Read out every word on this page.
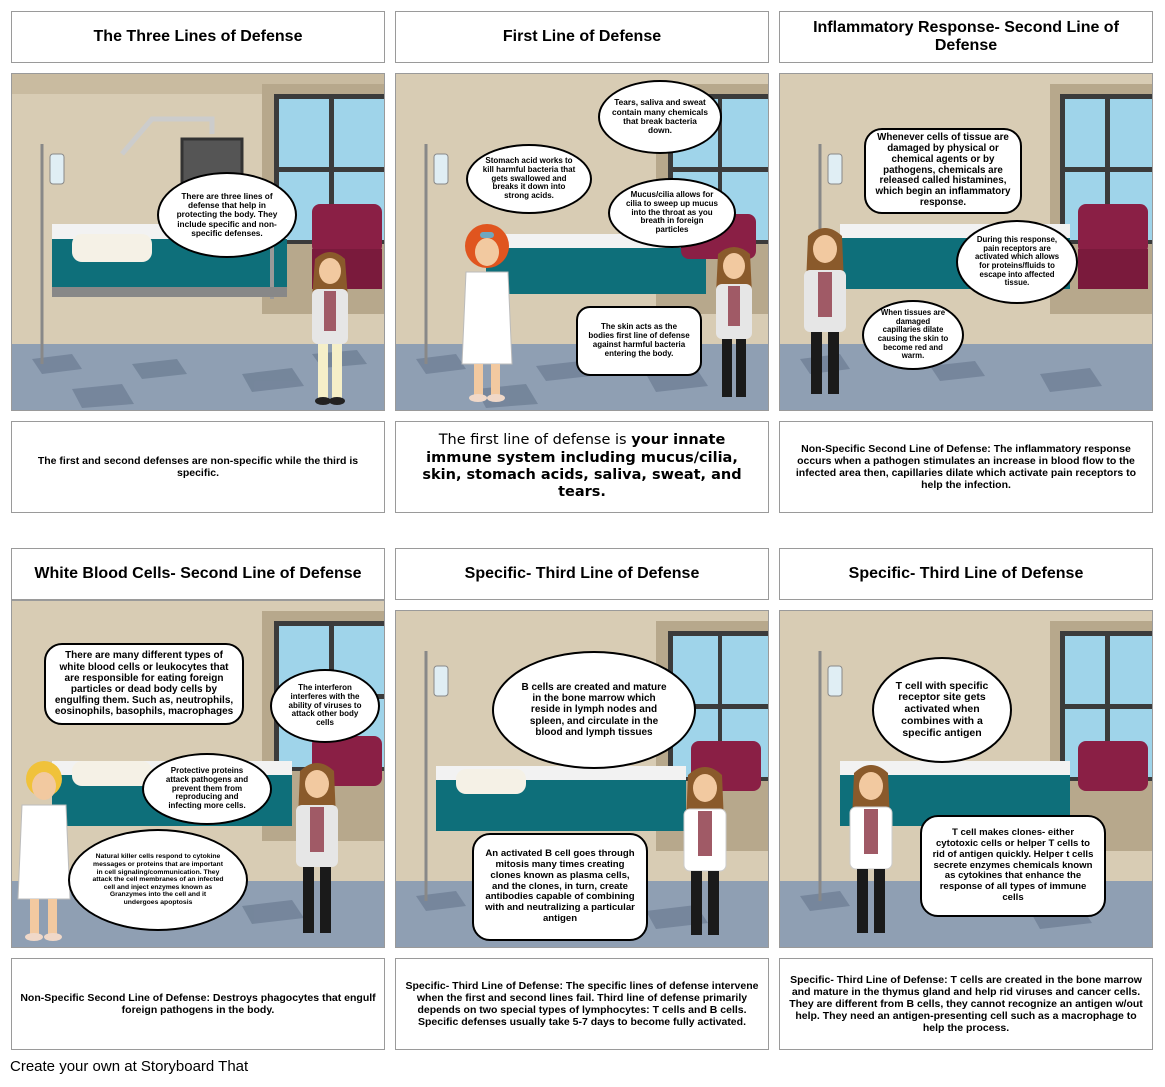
The Three Lines of Defense	First Line of Defense
Inflammatory Response- Second Line of Defense
There are three lines of defense that help in protecting the body. They include specific and non-specific defenses.
Tears, saliva and sweat contain many chemicals that break bacteria down.
Stomach acid works to kill harmful bacteria that gets swallowed and breaks it down into strong acids.	Mucus/cilia allows for cilia to sweep up mucus into the throat as you breath in foreign particles
The skin acts as the bodies first line of defense against harmful bacteria entering the body.
Whenever cells of tissue are damaged by physical or chemical agents or by pathogens, chemicals are released called histamines, which begin an inflammatory response.
During this response, pain receptors are activated which allows for proteins/fluids to escape into affected tissue.
When tissues are damaged capillaries dilate causing the skin to become red and warm.
The first and second defenses are non-specific while the third is specific.
The first line of defense is your innate immune system including mucus/cilia, skin, stomach acids, saliva, sweat, and tears.
Non-Specific Second Line of Defense: The inflammatory response occurs when a pathogen stimulates an increase in blood flow to the infected area then, capillaries dilate which activate pain receptors to help the infection.
White Blood Cells- Second Line of Defense	Specific- Third Line of Defense	Specific- Third Line of Defense
There are many different types of white blood cells or leukocytes that are responsible for eating foreign particles or dead body cells by engulfing them. Such as, neutrophils, eosinophils, basophils, macrophages
The interferon interferes with the ability of viruses to attack other body cells
Protective proteins attack pathogens and prevent them from reproducing and infecting more cells.
Natural killer cells respond to cytokine messages or proteins that are important in cell signaling/communication. They attack the cell membranes of an infected cell and inject enzymes known as Granzymes into the cell and it undergoes apoptosis
B cells are created and mature in the bone marrow which reside in lymph nodes and spleen, and circulate in the blood and lymph tissues
An activated B cell goes through mitosis many times creating clones known as plasma cells, and the clones, in turn, create antibodies capable of combining with and neutralizing a particular antigen
T cell with specific receptor site gets activated when combines with a specific antigen
T cell makes clones- either cytotoxic cells or helper T cells to rid of antigen quickly. Helper t cells secrete enzymes chemicals known as cytokines that enhance the response of all types of immune cells
Non-Specific Second Line of Defense: Destroys phagocytes that engulf foreign pathogens in the body.
Specific- Third Line of Defense: The specific lines of defense intervene when the first and second lines fail. Third line of defense primarily depends on two special types of lymphocytes: T cells and B cells. Specific defenses usually take 5-7 days to become fully activated.
Specific- Third Line of Defense: T cells are created in the bone marrow and mature in the thymus gland and help rid viruses and cancer cells. They are different from B cells, they cannot recognize an antigen w/out help. They need an antigen-presenting cell such as a macrophage to help the process.
Create your own at Storyboard That
